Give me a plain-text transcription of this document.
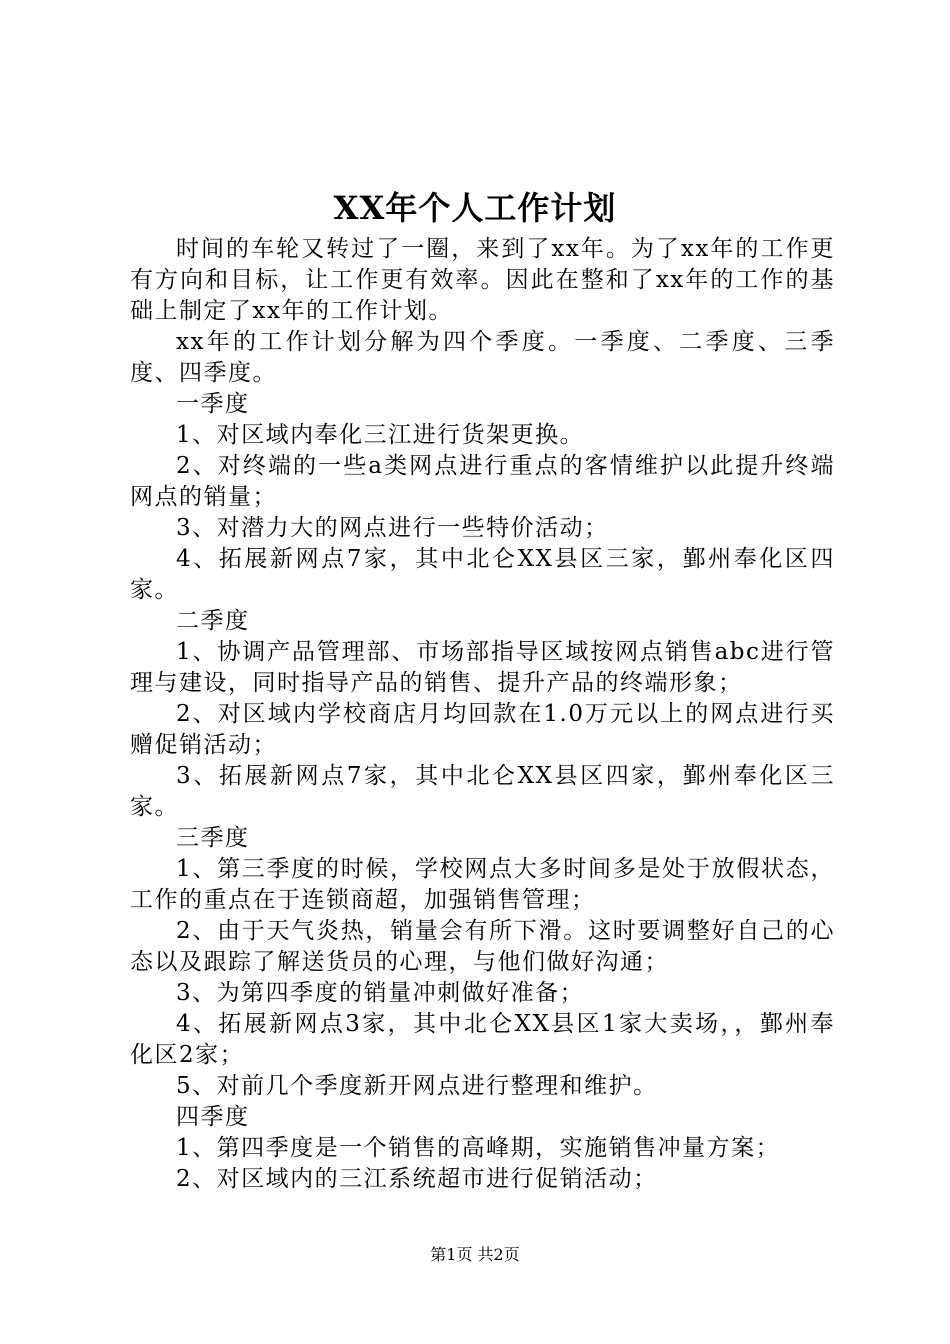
XX年个人工作计划

时间的车轮又转过了一圈，来到了xx年。为了xx年的工作更有方向和目标，让工作更有效率。因此在整和了xx年的工作的基础上制定了xx年的工作计划。

xx年的工作计划分解为四个季度。一季度、二季度、三季度、四季度。

一季度

1、对区域内奉化三江进行货架更换。

2、对终端的一些a类网点进行重点的客情维护以此提升终端网点的销量；

3、对潜力大的网点进行一些特价活动；

4、拓展新网点7家，其中北仑XX县区三家，鄞州奉化区四家。

二季度

1、协调产品管理部、市场部指导区域按网点销售abc进行管理与建设，同时指导产品的销售、提升产品的终端形象；

2、对区域内学校商店月均回款在1.0万元以上的网点进行买赠促销活动；

3、拓展新网点7家，其中北仑XX县区四家，鄞州奉化区三家。

三季度

1、第三季度的时候，学校网点大多时间多是处于放假状态，工作的重点在于连锁商超，加强销售管理；

2、由于天气炎热，销量会有所下滑。这时要调整好自己的心态以及跟踪了解送货员的心理，与他们做好沟通；

3、为第四季度的销量冲刺做好准备；

4、拓展新网点3家，其中北仑XX县区1家大卖场，，鄞州奉化区2家；

5、对前几个季度新开网点进行整理和维护。

四季度

1、第四季度是一个销售的高峰期，实施销售冲量方案；

2、对区域内的三江系统超市进行促销活动；

第1页 共2页
